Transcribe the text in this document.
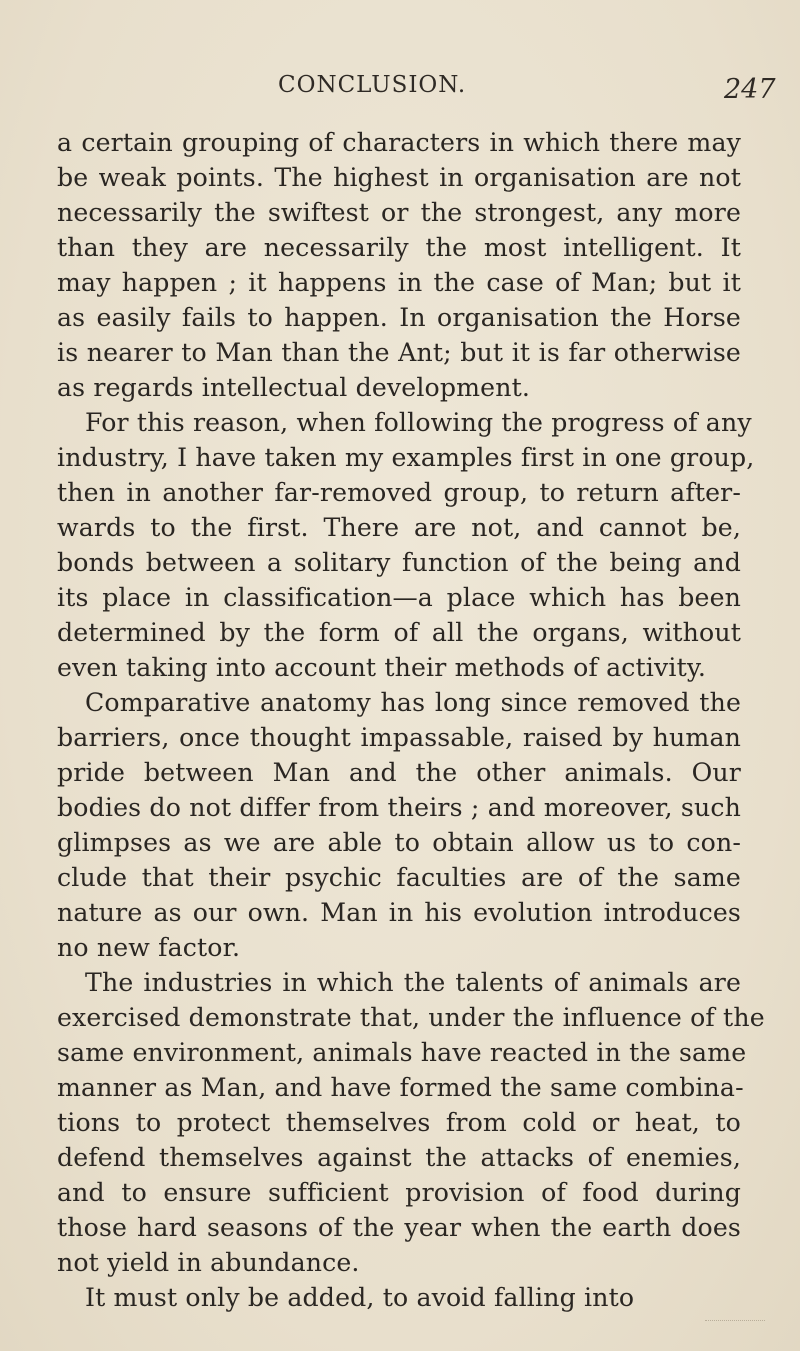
CONCLUSION.	247
a certain grouping of characters in which there may
be weak points. The highest in organisation are not
necessarily the swiftest or the strongest, any more
than they are necessarily the most intelligent. It
may happen ; it happens in the case of Man; but it
as easily fails to happen. In organisation the Horse
is nearer to Man than the Ant; but it is far otherwise
as regards intellectual development.
For this reason, when following the progress of any
industry, I have taken my examples first in one group,
then in another far-removed group, to return after-
wards to the first. There are not, and cannot be,
bonds between a solitary function of the being and
its place in classification—a place which has been
determined by the form of all the organs, without
even taking into account their methods of activity.
Comparative anatomy has long since removed the
barriers, once thought impassable, raised by human
pride between Man and the other animals. Our
bodies do not differ from theirs ; and moreover, such
glimpses as we are able to obtain allow us to con-
clude that their psychic faculties are of the same
nature as our own. Man in his evolution introduces
no new factor.
The industries in which the talents of animals are
exercised demonstrate that, under the influence of the
same environment, animals have reacted in the same
manner as Man, and have formed the same combina-
tions to protect themselves from cold or heat, to
defend themselves against the attacks of enemies,
and to ensure sufficient provision of food during
those hard seasons of the year when the earth does
not yield in abundance.
It must only be added, to avoid falling into
